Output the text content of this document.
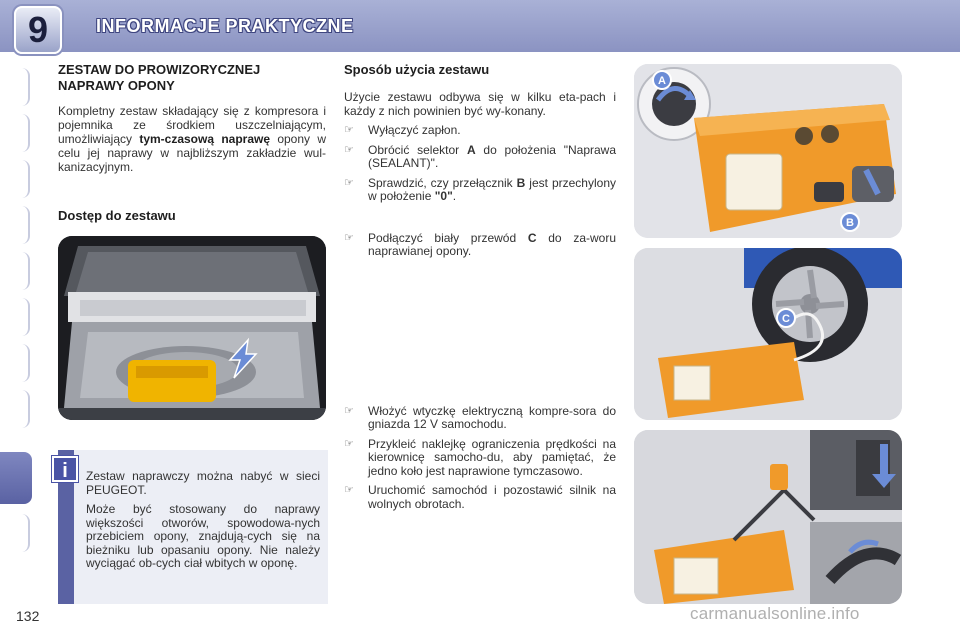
9	INFORMACJE PRAKTYCZNE
ZESTAW DO PROWIZORYCZNEJ NAPRAWY OPONY

Kompletny zestaw składający się z kompresora i pojemnika ze środkiem uszczelniającym, umożliwiający tym-czasową naprawę opony w celu jej naprawy w najbliższym zakładzie wul-kanizacyjnym.

Dostęp do zestawu

Zestaw naprawczy można nabyć w sieci PEUGEOT.

Może być stosowany do naprawy większości otworów, spowodowa-nych przebiciem opony, znajdują-cych się na bieżniku lub opasaniu opony. Nie należy wyciągać ob-cych ciał wbitych w oponę.

i
Sposób użycia zestawu

Użycie zestawu odbywa się w kilku eta-pach i każdy z nich powinien być wy-konany.

☞ Wyłączyć zapłon.
☞ Obrócić selektor A do położenia "Naprawa (SEALANT)".
☞ Sprawdzić, czy przełącznik B jest przechylony w położenie "0".
☞ Podłączyć biały przewód C do za-woru naprawianej opony.
☞ Włożyć wtyczkę elektryczną kompre-sora do gniazda 12 V samochodu.
☞ Przykleić naklejkę ograniczenia prędkości na kierownicę samocho-du, aby pamiętać, że jedno koło jest naprawione tymczasowo.
☞ Uruchomić samochód i pozostawić silnik na wolnych obrotach.
A
B
C
132	carmanualsonline.info
